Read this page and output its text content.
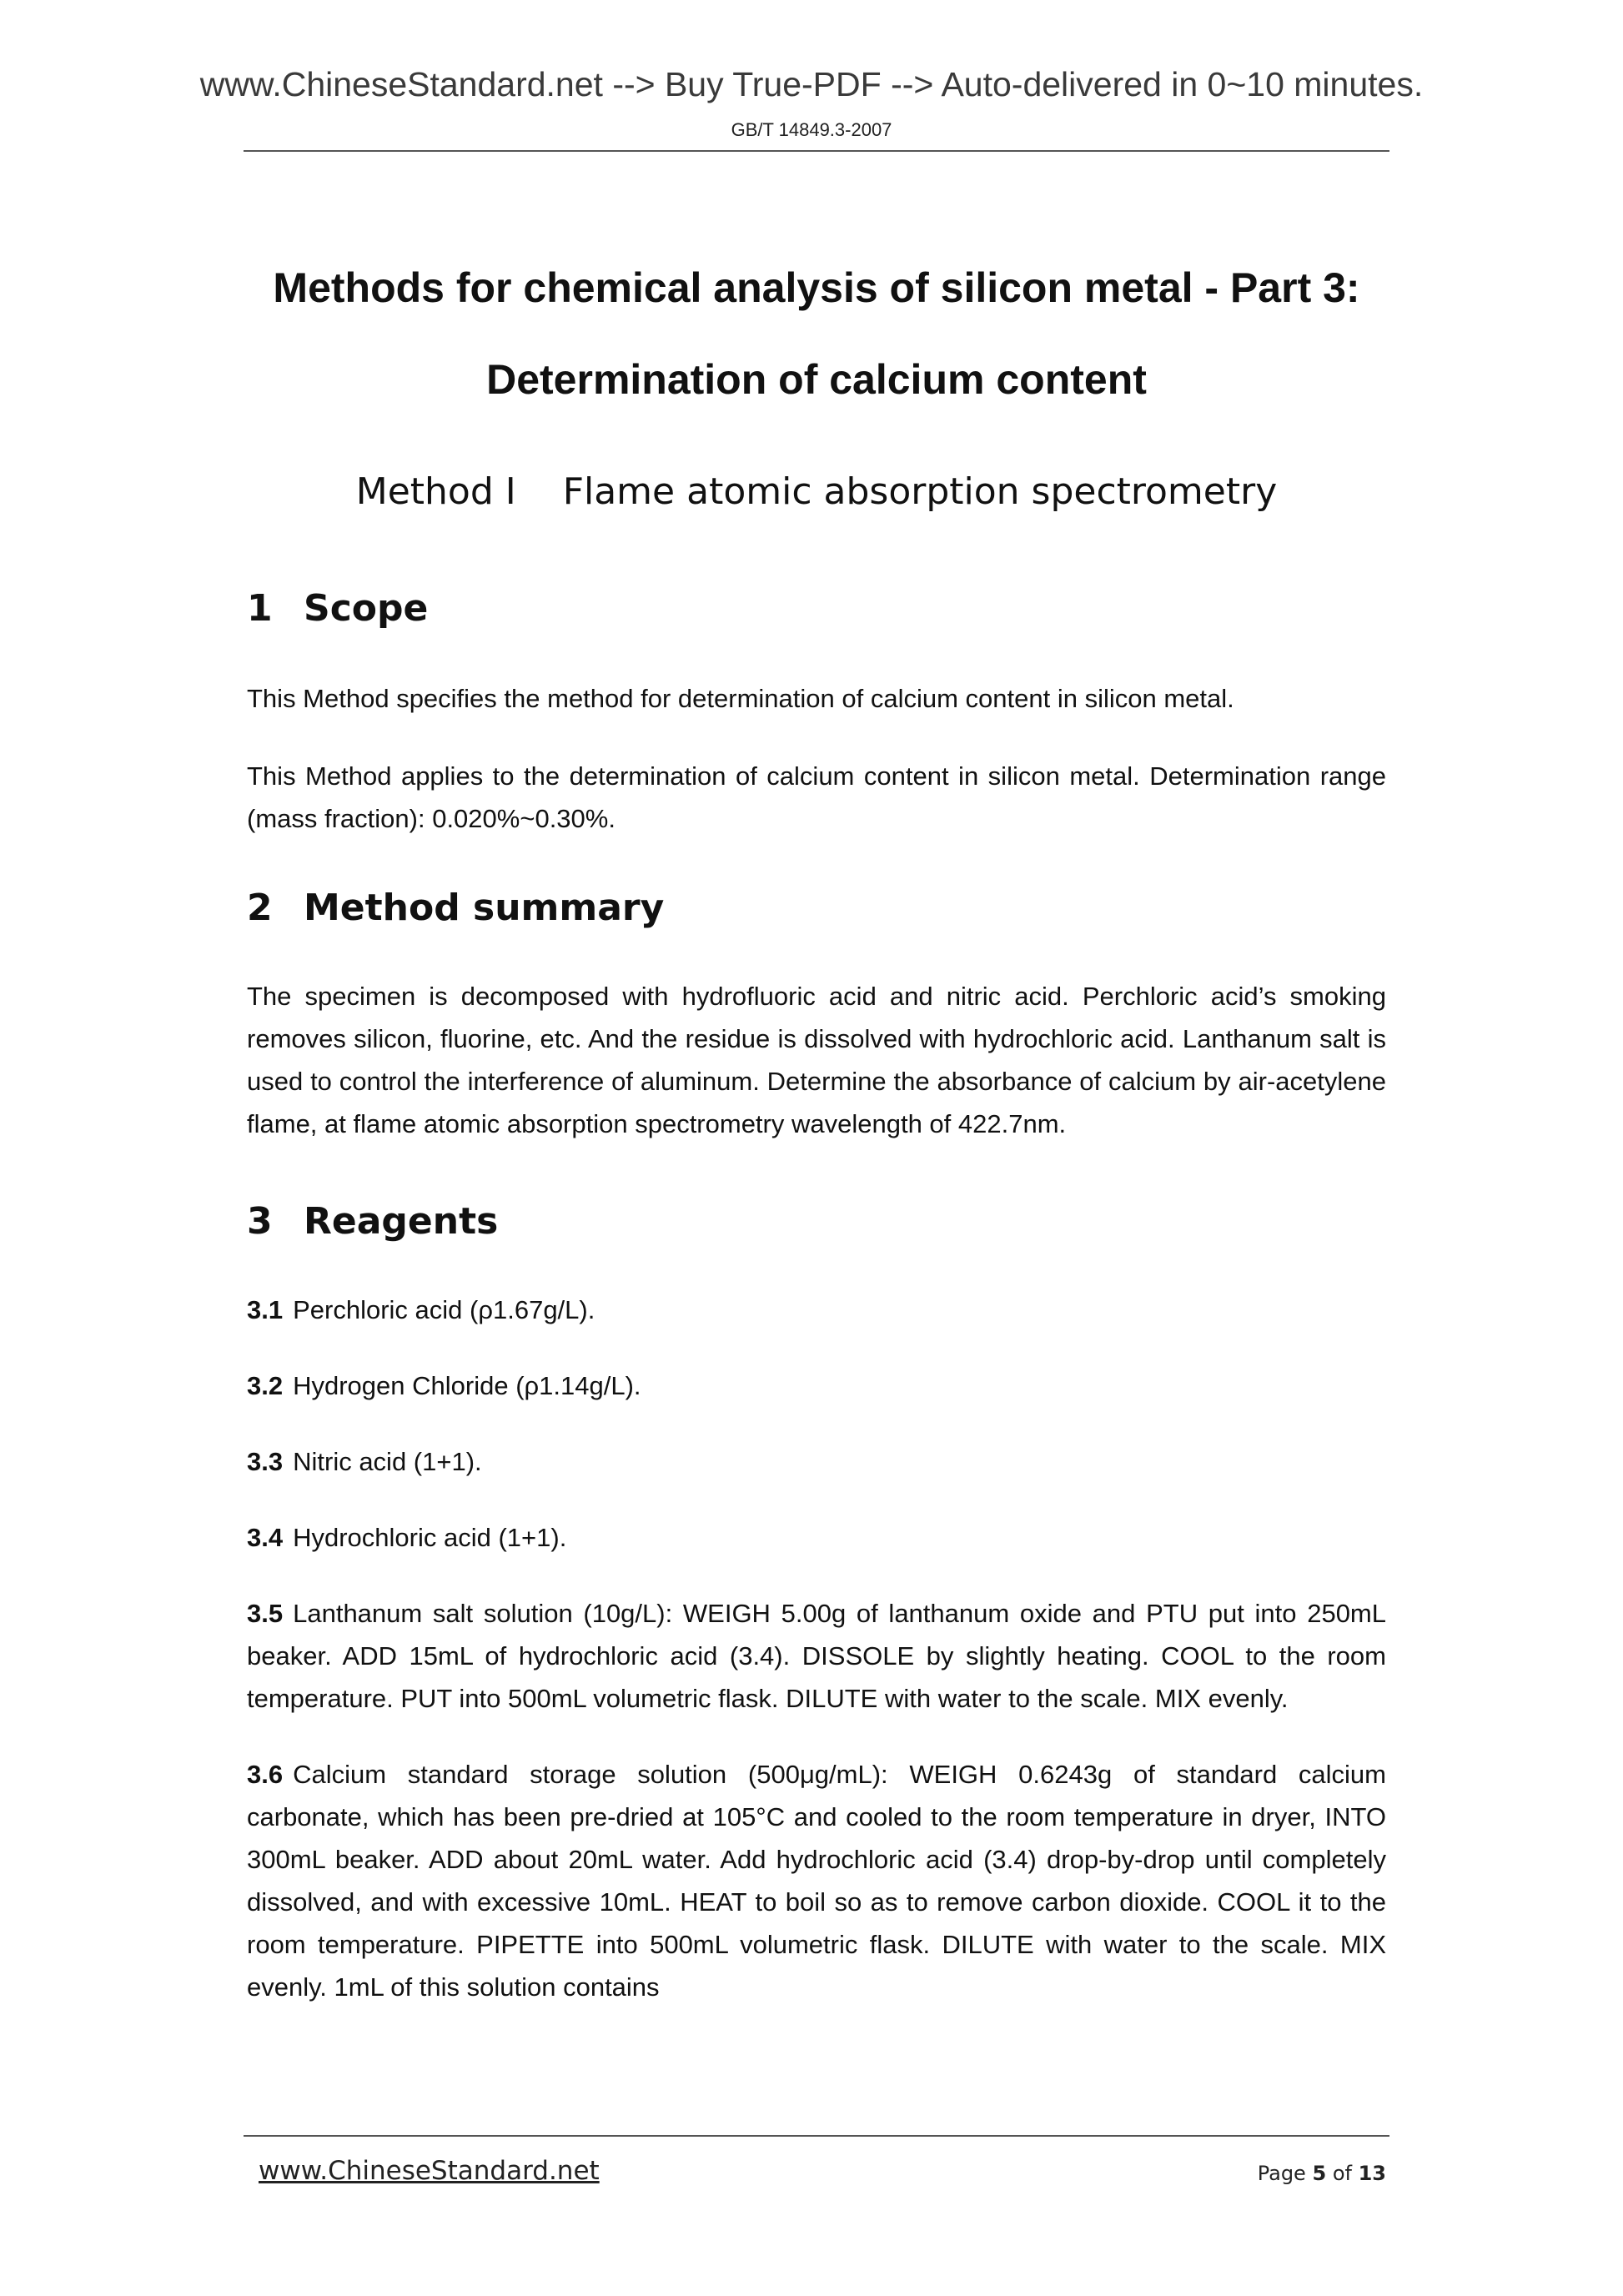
www.ChineseStandard.net --> Buy True-PDF --> Auto-delivered in 0~10 minutes.
GB/T 14849.3-2007
Methods for chemical analysis of silicon metal - Part 3:
Determination of calcium content
Method I Flame atomic absorption spectrometry
1 Scope

This Method specifies the method for determination of calcium content in silicon metal.

This Method applies to the determination of calcium content in silicon metal. Determination range (mass fraction): 0.020%~0.30%.

2 Method summary

The specimen is decomposed with hydrofluoric acid and nitric acid. Perchloric acid’s smoking removes silicon, fluorine, etc. And the residue is dissolved with hydrochloric acid. Lanthanum salt is used to control the interference of aluminum. Determine the absorbance of calcium by air-acetylene flame, at flame atomic absorption spectrometry wavelength of 422.7nm.

3 Reagents

3.1 Perchloric acid (ρ1.67g/L).

3.2 Hydrogen Chloride (ρ1.14g/L).

3.3 Nitric acid (1+1).

3.4 Hydrochloric acid (1+1).

3.5 Lanthanum salt solution (10g/L): WEIGH 5.00g of lanthanum oxide and PTU put into 250mL beaker. ADD 15mL of hydrochloric acid (3.4). DISSOLE by slightly heating. COOL to the room temperature. PUT into 500mL volumetric flask. DILUTE with water to the scale. MIX evenly.

3.6 Calcium standard storage solution (500μg/mL): WEIGH 0.6243g of standard calcium carbonate, which has been pre-dried at 105°C and cooled to the room temperature in dryer, INTO 300mL beaker. ADD about 20mL water. Add hydrochloric acid (3.4) drop-by-drop until completely dissolved, and with excessive 10mL. HEAT to boil so as to remove carbon dioxide. COOL it to the room temperature. PIPETTE into 500mL volumetric flask. DILUTE with water to the scale. MIX evenly. 1mL of this solution contains

www.ChineseStandard.net	Page 5 of 13
